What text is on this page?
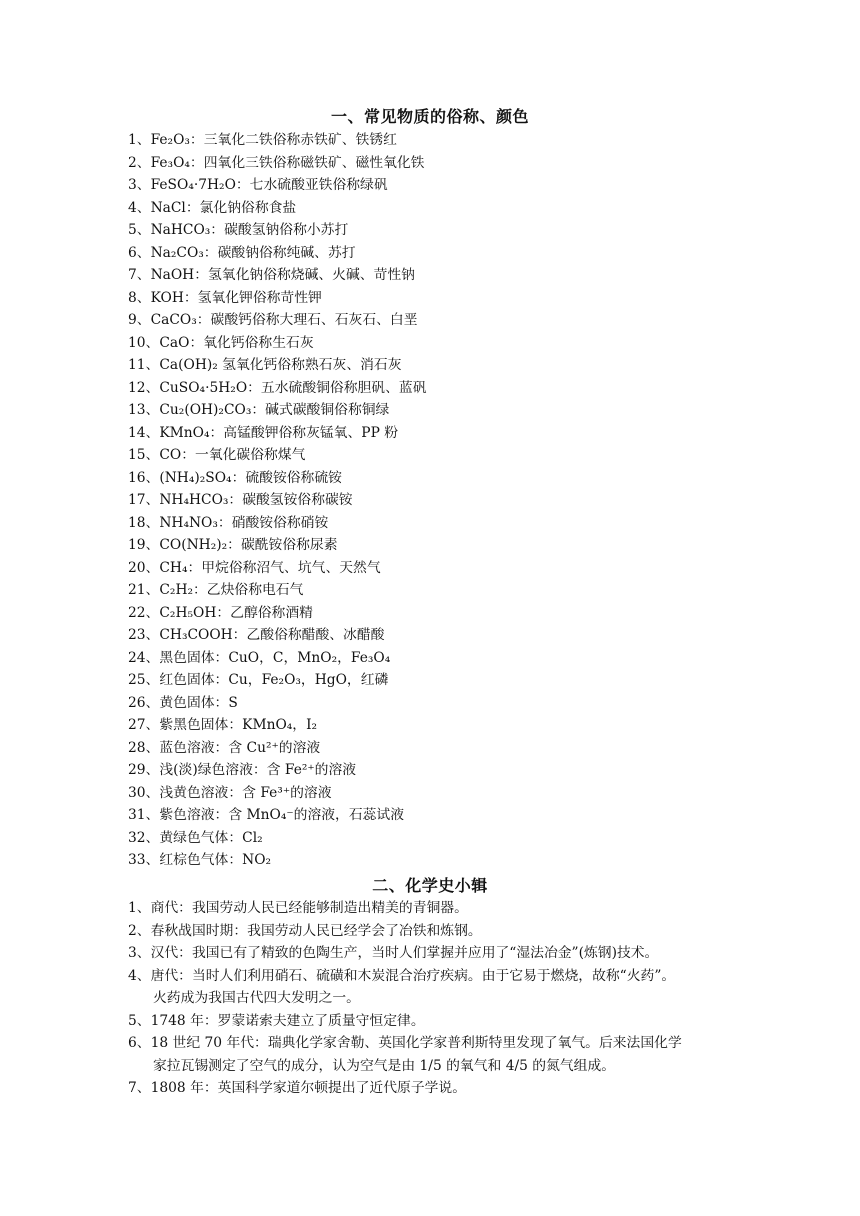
一、常见物质的俗称、颜色
1、Fe₂O₃：三氧化二铁俗称赤铁矿、铁锈红
2、Fe₃O₄：四氧化三铁俗称磁铁矿、磁性氧化铁
3、FeSO₄·7H₂O：七水硫酸亚铁俗称绿矾
4、NaCl：氯化钠俗称食盐
5、NaHCO₃：碳酸氢钠俗称小苏打
6、Na₂CO₃：碳酸钠俗称纯碱、苏打
7、NaOH：氢氧化钠俗称烧碱、火碱、苛性钠
8、KOH：氢氧化钾俗称苛性钾
9、CaCO₃：碳酸钙俗称大理石、石灰石、白垩
10、CaO：氧化钙俗称生石灰
11、Ca(OH)₂ 氢氧化钙俗称熟石灰、消石灰
12、CuSO₄·5H₂O：五水硫酸铜俗称胆矾、蓝矾
13、Cu₂(OH)₂CO₃：碱式碳酸铜俗称铜绿
14、KMnO₄：高锰酸钾俗称灰锰氧、PP 粉
15、CO：一氧化碳俗称煤气
16、(NH₄)₂SO₄：硫酸铵俗称硫铵
17、NH₄HCO₃：碳酸氢铵俗称碳铵
18、NH₄NO₃：硝酸铵俗称硝铵
19、CO(NH₂)₂：碳酰铵俗称尿素
20、CH₄：甲烷俗称沼气、坑气、天然气
21、C₂H₂：乙炔俗称电石气
22、C₂H₅OH：乙醇俗称酒精
23、CH₃COOH：乙酸俗称醋酸、冰醋酸
24、黑色固体：CuO，C，MnO₂，Fe₃O₄
25、红色固体：Cu，Fe₂O₃，HgO，红磷
26、黄色固体：S
27、紫黑色固体：KMnO₄，I₂
28、蓝色溶液：含 Cu²⁺的溶液
29、浅(淡)绿色溶液：含 Fe²⁺的溶液
30、浅黄色溶液：含 Fe³⁺的溶液
31、紫色溶液：含 MnO₄⁻的溶液，石蕊试液
32、黄绿色气体：Cl₂
33、红棕色气体：NO₂
二、化学史小辑
1、 商代：我国劳动人民已经能够制造出精美的青铜器。
2、 春秋战国时期：我国劳动人民已经学会了冶铁和炼钢。
3、 汉代：我国已有了精致的色陶生产，当时人们掌握并应用了“湿法冶金”(炼钢)技术。
4、 唐代：当时人们利用硝石、硫磺和木炭混合治疗疾病。由于它易于燃烧，故称“火药”。
火药成为我国古代四大发明之一。
5、 1748 年：罗蒙诺索夫建立了质量守恒定律。
6、 18 世纪 70 年代：瑞典化学家舍勒、英国化学家普利斯特里发现了氧气。后来法国化学
家拉瓦锡测定了空气的成分，认为空气是由 1/5 的氧气和 4/5 的氮气组成。
7、 1808 年：英国科学家道尔顿提出了近代原子学说。
